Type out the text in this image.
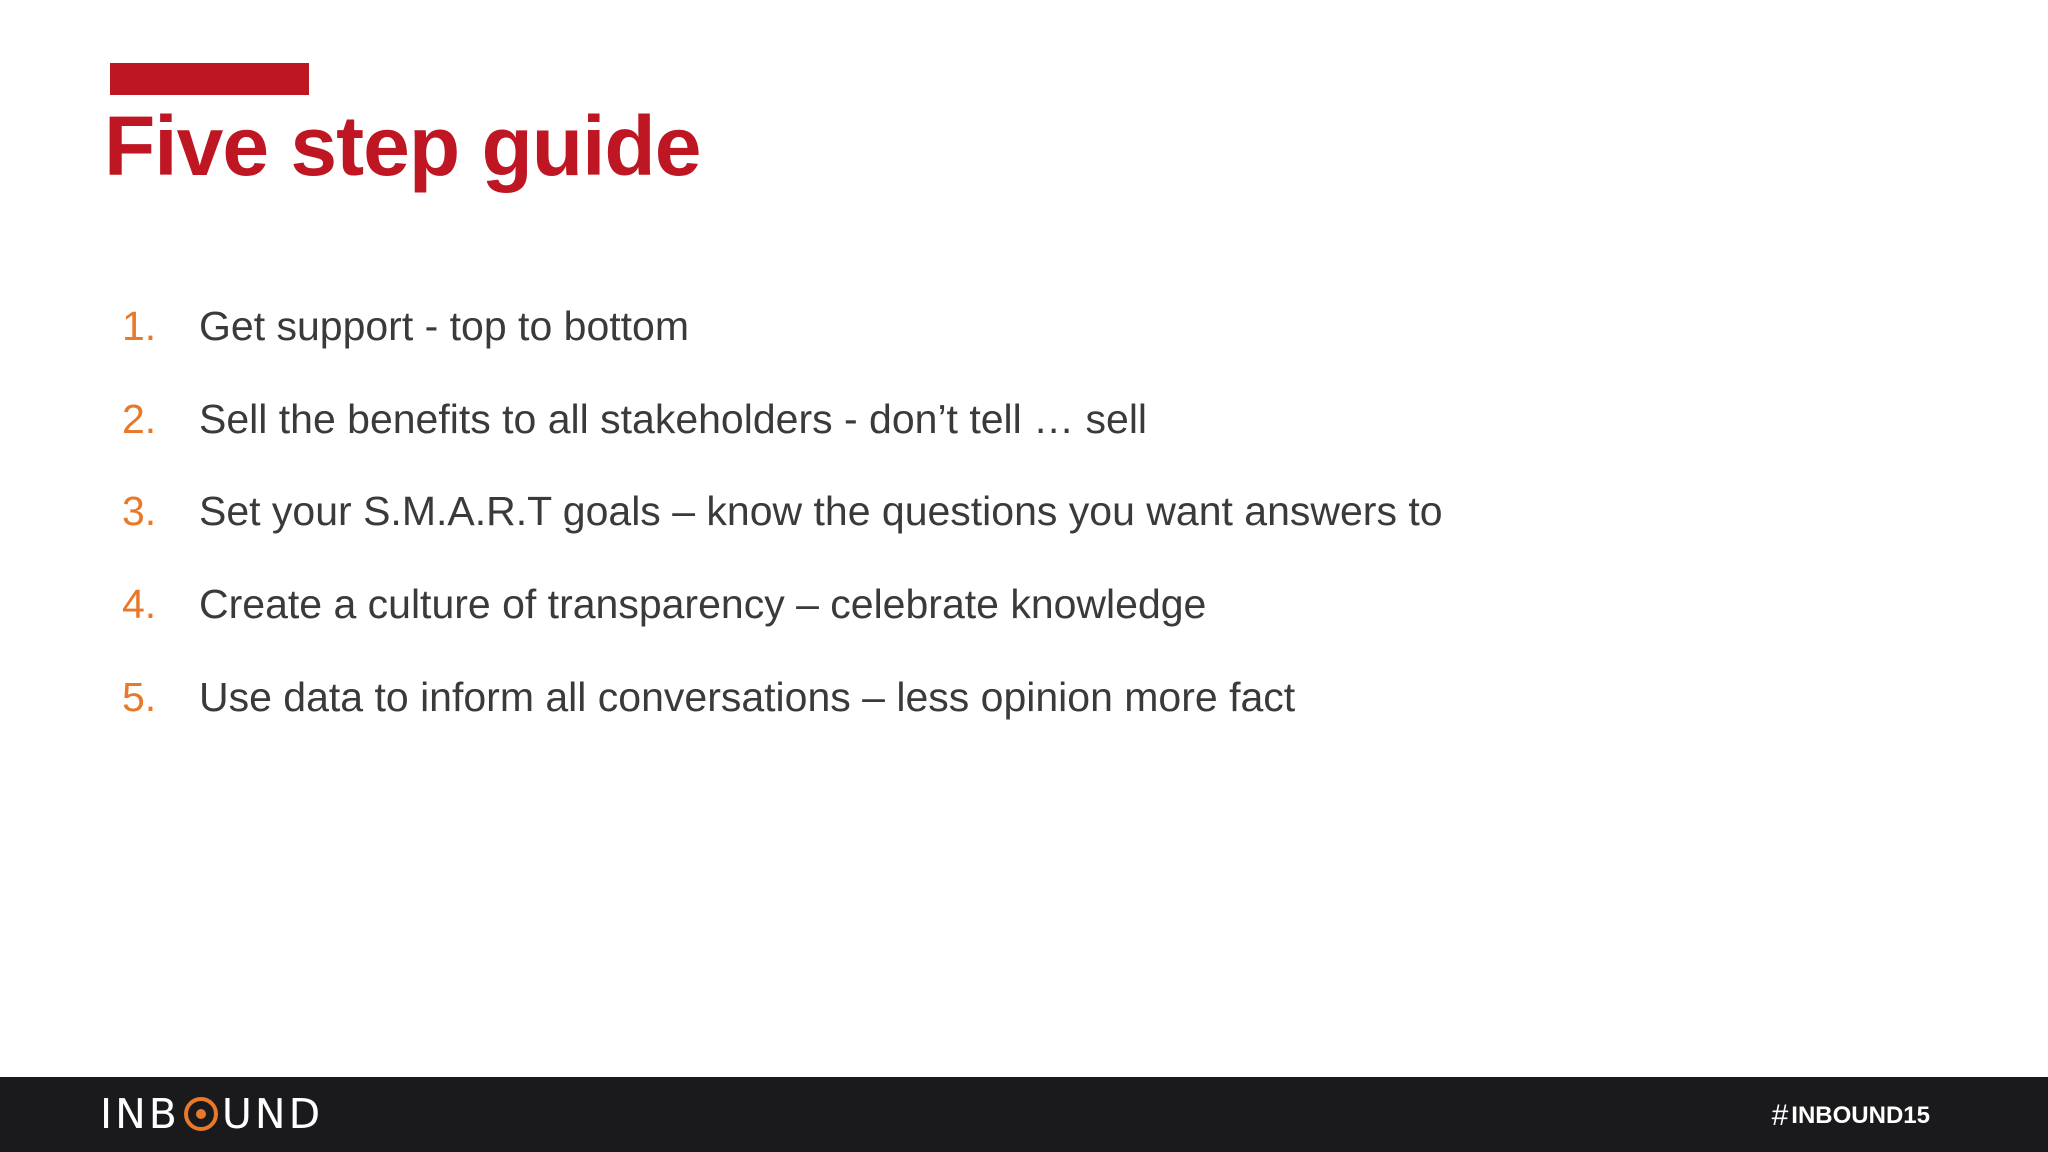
Five step guide
1.	Get support - top to bottom
2.	Sell the benefits to all stakeholders - don’t tell … sell
3.	Set your S.M.A.R.T goals – know the questions you want answers to
4.	Create a culture of transparency – celebrate knowledge
5.	Use data to inform all conversations – less opinion more fact
INB UND	# INBOUND15
